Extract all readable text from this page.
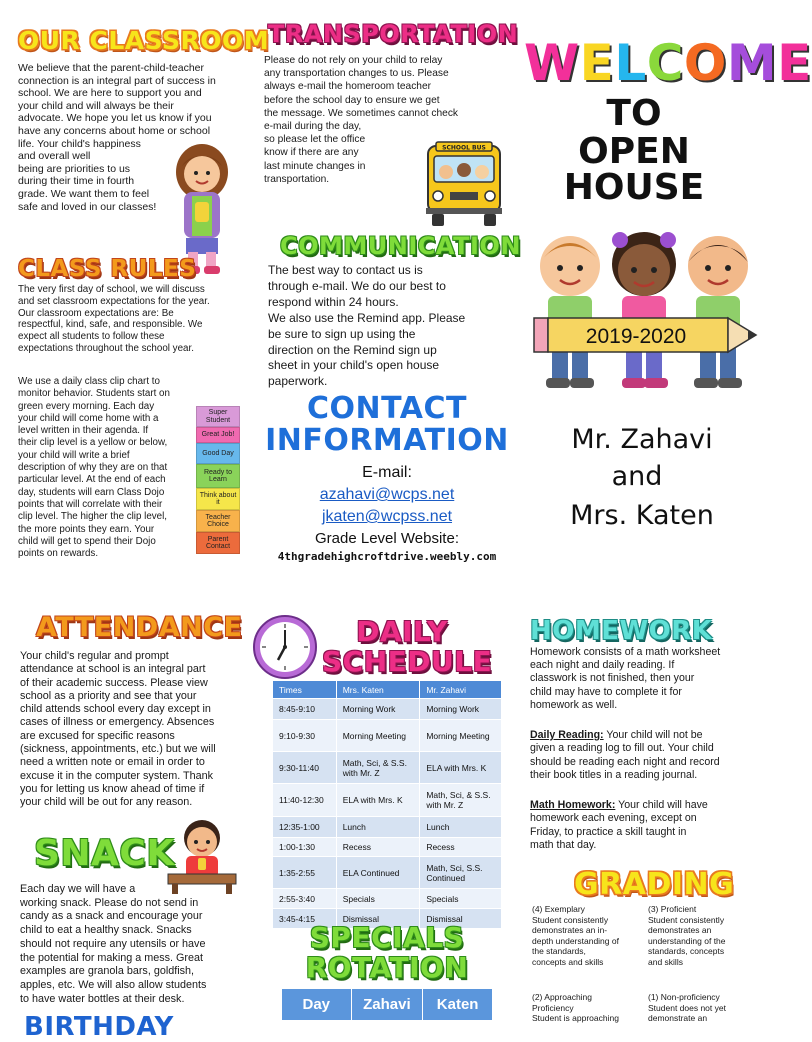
OUR CLASSROOM

We believe that the parent-child-teacher

connection is an integral part of success in

school. We are here to support you and

your child and will always be their

advocate. We hope you let us know if you

have any concerns about home or school

life. Your child's happiness

and overall well

being are priorities to us

during their time in fourth

grade. We want them to feel

safe and loved in our classes!

CLASS RULES

The very first day of school, we will discuss

and set classroom expectations for the year.

Our classroom expectations are: Be

respectful, kind, safe, and responsible. We

expect all students to follow these

expectations throughout the school year.

We use a daily class clip chart to

monitor behavior. Students start on

green every morning. Each day

your child will come home with a

level written in their agenda. If

their clip level is a yellow or below,

your child will write a brief

description of why they are on that

particular level. At the end of each

day, students will earn Class Dojo

points that will correlate with their

clip level. The higher the clip level,

the more points they earn. Your

child will get to spend their Dojo

points on rewards.

Super Student
Great Job!
Good Day
Ready to Learn
Think about it
Teacher Choice
Parent Contact
TRANSPORTATION

Please do not rely on your child to relay

any transportation changes to us. Please

always e-mail the homeroom teacher

before the school day to ensure we get

the message. We sometimes cannot check

e-mail during the day,

so please let the office

know if there are any

last minute changes in

transportation.

SCHOOL BUS
COMMUNICATION

The best way to contact us is

through e-mail. We do our best to

respond within 24 hours.

We also use the Remind app. Please

be sure to sign up using the

direction on the Remind sign up

sheet in your child's open house

paperwork.

CONTACT
INFORMATION
E-mail:
azahavi@wcps.net
jkaten@wcpss.net
Grade Level Website:
4thgradehighcroftdrive.weebly.com
WELCOME
TO
OPEN
HOUSE
2019-2020
Mr. Zahavi
and
Mrs. Katen
ATTENDANCE

Your child's regular and prompt

attendance at school is an integral part

of their academic success. Please view

school as a priority and see that your

child attends school every day except in

cases of illness or emergency. Absences

are excused for specific reasons

(sickness, appointments, etc.) but we will

need a written note or email in order to

excuse it in the computer system. Thank

you for letting us know ahead of time if

your child will be out for any reason.

SNACK

Each day we will have a

working snack. Please do not send in

candy as a snack and encourage your

child to eat a healthy snack. Snacks

should not require any utensils or have

the potential for making a mess. Great

examples are granola bars, goldfish,

apples, etc. We will also allow students

to have water bottles at their desk.

BIRTHDAY
DAILY
SCHEDULE
Times	Mrs. Katen	Mr. Zahavi
8:45-9:10	Morning Work	Morning Work
9:10-9:30	Morning Meeting	Morning Meeting
9:30-11:40	Math, Sci, & S.S. with Mr. Z	ELA with Mrs. K
11:40-12:30	ELA with Mrs. K	Math, Sci, & S.S. with Mr. Z
12:35-1:00	Lunch	Lunch
1:00-1:30	Recess	Recess
1:35-2:55	ELA Continued	Math, Sci, S.S. Continued
2:55-3:40	Specials	Specials
3:45-4:15	Dismissal	Dismissal
SPECIALS
ROTATION
Day	Zahavi	Katen
HOMEWORK

Homework consists of a math worksheet

each night and daily reading. If

classwork is not finished, then your

child may have to complete it for

homework as well.

Daily Reading: Your child will not be

given a reading log to fill out. Your child

should be reading each night and record

their book titles in a reading journal.

Math Homework: Your child will have

homework each evening, except on

Friday, to practice a skill taught in

math that day.

GRADING

(4) Exemplary

Student consistently

demonstrates an in-

depth understanding of

the standards,

concepts and skills

(3) Proficient

Student consistently

demonstrates an

understanding of the

standards, concepts

and skills

(2) Approaching

Proficiency

Student is approaching

(1) Non-proficiency

Student does not yet

demonstrate an
